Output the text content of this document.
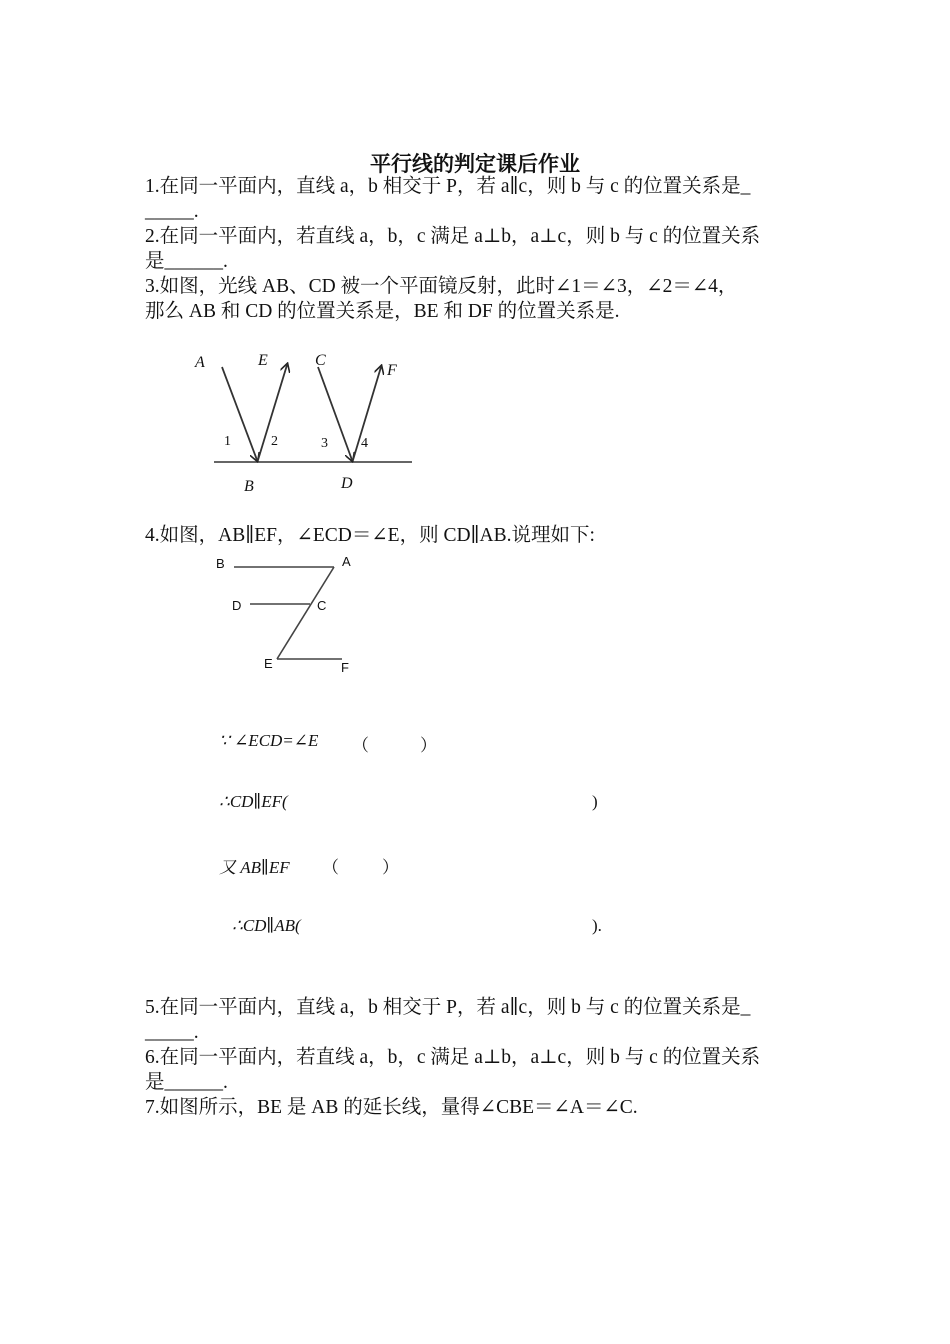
平行线的判定课后作业
1.在同一平面内，直线 a，b 相交于 P，若 a∥c，则 b 与 c 的位置关系是_
_____.
2.在同一平面内，若直线 a，b，c 满足 a⊥b，a⊥c，则 b 与 c 的位置关系
是______.
3.如图，光线 AB、CD 被一个平面镜反射，此时∠1＝∠3，∠2＝∠4，
那么 AB 和 CD 的位置关系是，BE 和 DF 的位置关系是.
A	E	C
F
1	2	3 4
B	D
4.如图，AB∥EF，∠ECD＝∠E，则 CD∥AB.说理如下:
B	A
D	C
E	F
∵ ∠ECD=∠E （	）
∴CD∥EF(	)
又 AB∥EF （	）
∴CD∥AB(	).
5.在同一平面内，直线 a，b 相交于 P，若 a∥c，则 b 与 c 的位置关系是_
_____.
6.在同一平面内，若直线 a，b，c 满足 a⊥b，a⊥c，则 b 与 c 的位置关系
是______.
7.如图所示，BE 是 AB 的延长线，量得∠CBE＝∠A＝∠C.
